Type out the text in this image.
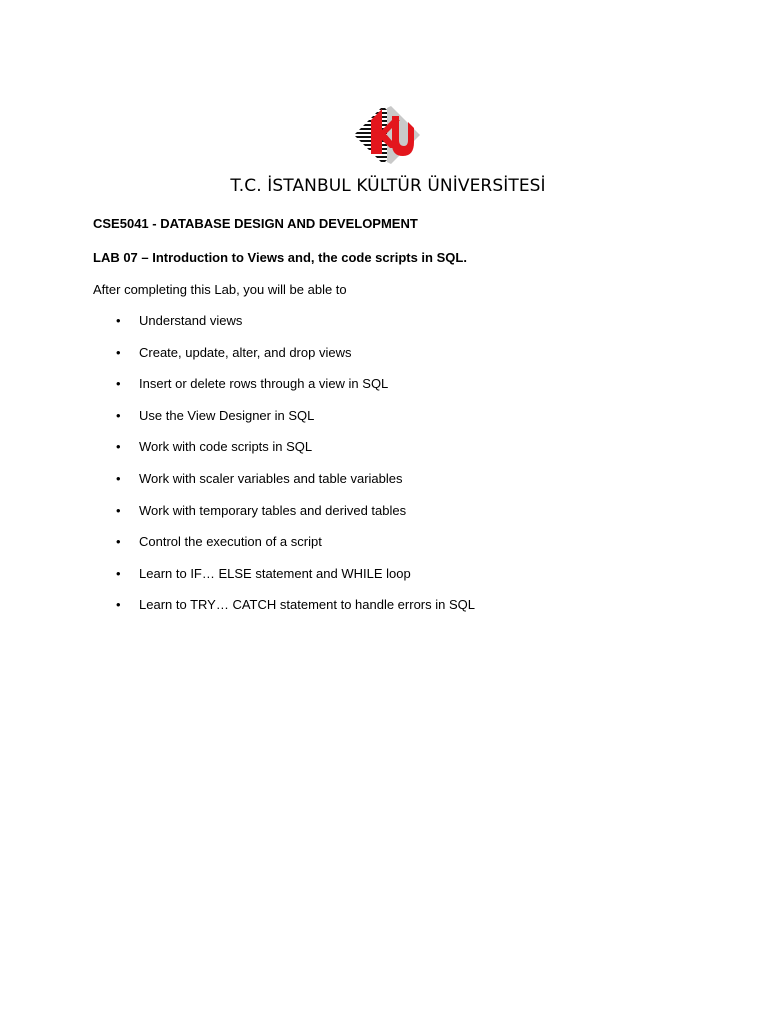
T.C. İSTANBUL KÜLTÜR ÜNİVERSİTESİ
CSE5041 - DATABASE DESIGN AND DEVELOPMENT
LAB 07 – Introduction to Views and, the code scripts in SQL.
After completing this Lab, you will be able to
• Understand views
• Create, update, alter, and drop views
• Insert or delete rows through a view in SQL
• Use the View Designer in SQL
• Work with code scripts in SQL
• Work with scaler variables and table variables
• Work with temporary tables and derived tables
• Control the execution of a script
• Learn to IF… ELSE statement and WHILE loop
• Learn to TRY… CATCH statement to handle errors in SQL
